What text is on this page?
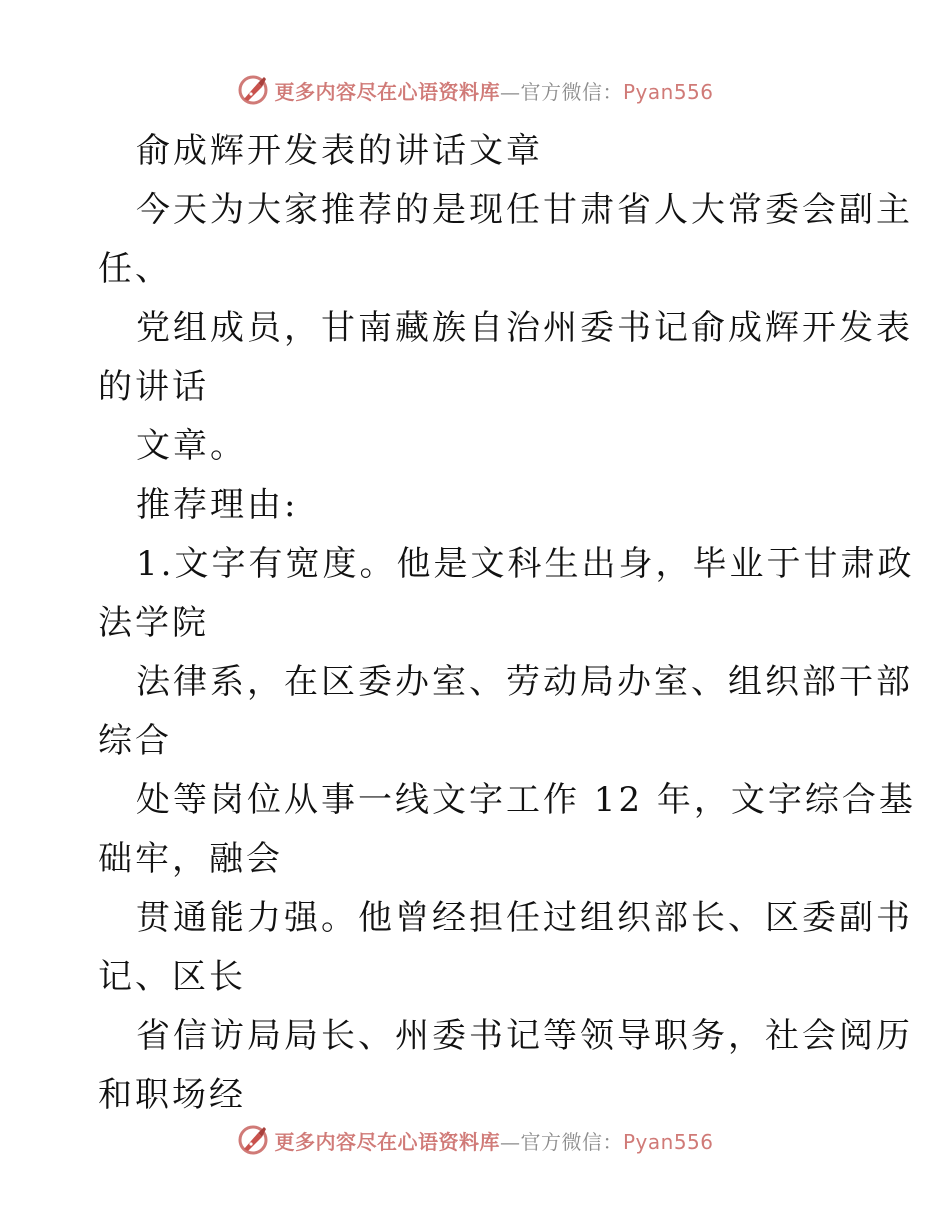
更多内容尽在心语资料库—官方微信：Pyan556
俞成辉开发表的讲话文章
今天为大家推荐的是现任甘肃省人大常委会副主
任、
党组成员，甘南藏族自治州委书记俞成辉开发表
的讲话
文章。
推荐理由:
1.文字有宽度。他是文科生出身，毕业于甘肃政
法学院
法律系，在区委办室、劳动局办室、组织部干部
综合
处等岗位从事一线文字工作 12 年，文字综合基
础牢，融会
贯通能力强。他曾经担任过组织部长、区委副书
记、区长
省信访局局长、州委书记等领导职务，社会阅历
和职场经
更多内容尽在心语资料库—官方微信：Pyan556
